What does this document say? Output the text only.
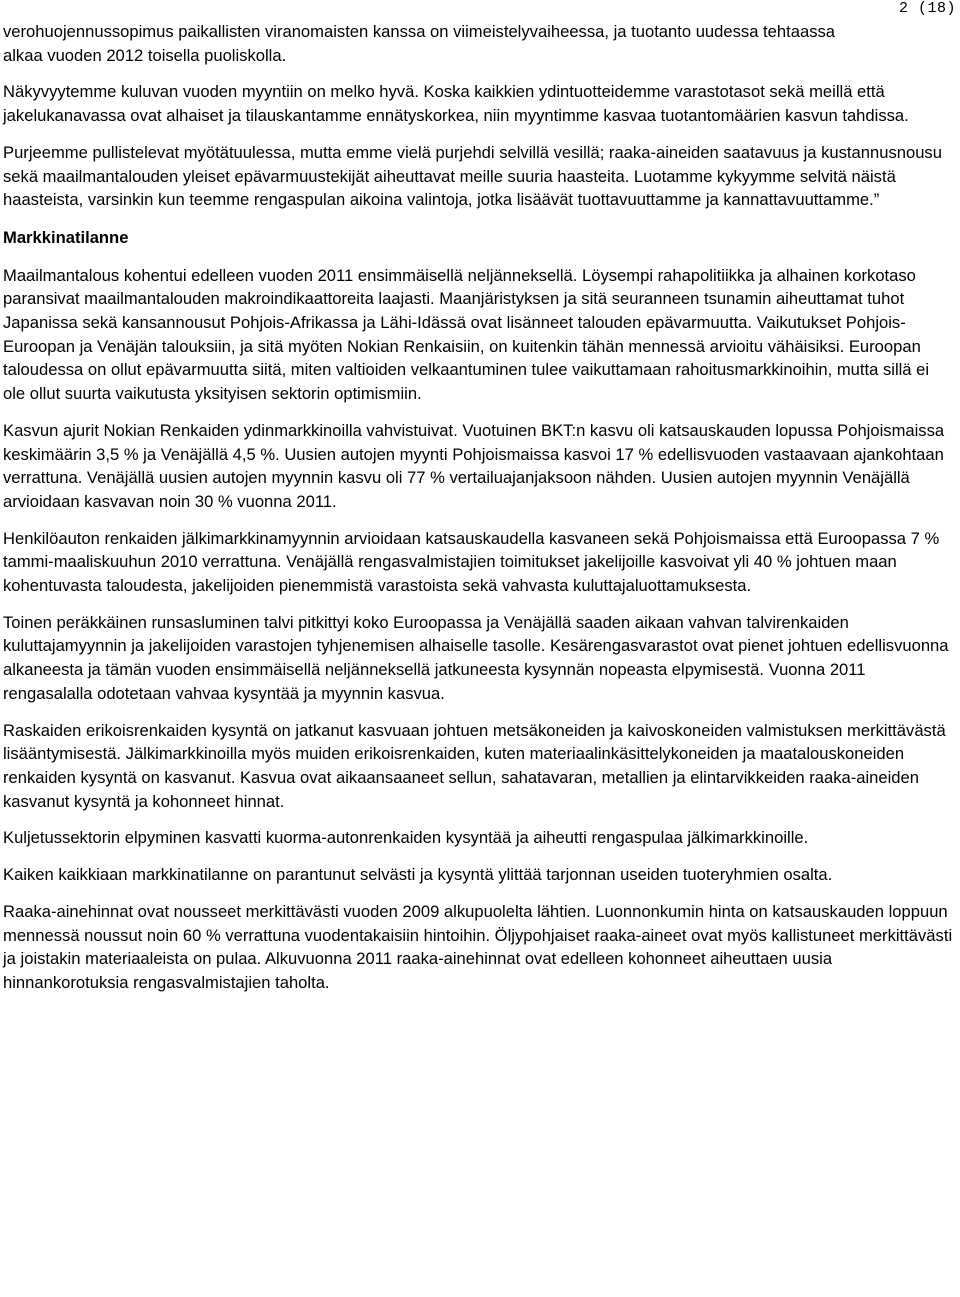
2 (18)

verohuojennussopimus paikallisten viranomaisten kanssa on viimeistelyvaiheessa, ja tuotanto uudessa tehtaassa alkaa vuoden 2012 toisella puoliskolla.

Näkyvyytemme kuluvan vuoden myyntiin on melko hyvä. Koska kaikkien ydintuotteidemme varastotasot sekä meillä että jakelukanavassa ovat alhaiset ja tilauskantamme ennätyskorkea, niin myyntimme kasvaa tuotantomäärien kasvun tahdissa.

Purjeemme pullistelevat myötätuulessa, mutta emme vielä purjehdi selvillä vesillä; raaka-aineiden saatavuus ja kustannusnousu sekä maailmantalouden yleiset epävarmuustekijät aiheuttavat meille suuria haasteita. Luotamme kykyymme selvitä näistä haasteista, varsinkin kun teemme rengaspulan aikoina valintoja, jotka lisäävät tuottavuuttamme ja kannattavuuttamme.”

Markkinatilanne

Maailmantalous kohentui edelleen vuoden 2011 ensimmäisellä neljänneksellä. Löysempi rahapolitiikka ja alhainen korkotaso paransivat maailmantalouden makroindikaattoreita laajasti. Maanjäristyksen ja sitä seuranneen tsunamin aiheuttamat tuhot Japanissa sekä kansannousut Pohjois-Afrikassa ja Lähi-Idässä ovat lisänneet talouden epävarmuutta. Vaikutukset Pohjois-Euroopan ja Venäjän talouksiin, ja sitä myöten Nokian Renkaisiin, on kuitenkin tähän mennessä arvioitu vähäisiksi. Euroopan taloudessa on ollut epävarmuutta siitä, miten valtioiden velkaantuminen tulee vaikuttamaan rahoitusmarkkinoihin, mutta sillä ei ole ollut suurta vaikutusta yksityisen sektorin optimismiin.

Kasvun ajurit Nokian Renkaiden ydinmarkkinoilla vahvistuivat. Vuotuinen BKT:n kasvu oli katsauskauden lopussa Pohjoismaissa keskimäärin 3,5 % ja Venäjällä 4,5 %. Uusien autojen myynti Pohjoismaissa kasvoi 17 % edellisvuoden vastaavaan ajankohtaan verrattuna. Venäjällä uusien autojen myynnin kasvu oli 77 % vertailuajanjaksoon nähden. Uusien autojen myynnin Venäjällä arvioidaan kasvavan noin 30 % vuonna 2011.

Henkilöauton renkaiden jälkimarkkinamyynnin arvioidaan katsauskaudella kasvaneen sekä Pohjoismaissa että Euroopassa 7 % tammi-maaliskuuhun 2010 verrattuna. Venäjällä rengasvalmistajien toimitukset jakelijoille kasvoivat yli 40 % johtuen maan kohentuvasta taloudesta, jakelijoiden pienemmistä varastoista sekä vahvasta kuluttajaluottamuksesta.

Toinen peräkkäinen runsasluminen talvi pitkittyi koko Euroopassa ja Venäjällä saaden aikaan vahvan talvirenkaiden kuluttajamyynnin ja jakelijoiden varastojen tyhjenemisen alhaiselle tasolle. Kesärengasvarastot ovat pienet johtuen edellisvuonna alkaneesta ja tämän vuoden ensimmäisellä neljänneksellä jatkuneesta kysynnän nopeasta elpymisestä. Vuonna 2011 rengasalalla odotetaan vahvaa kysyntää ja myynnin kasvua.

Raskaiden erikoisrenkaiden kysyntä on jatkanut kasvuaan johtuen metsäkoneiden ja kaivoskoneiden valmistuksen merkittävästä lisääntymisestä. Jälkimarkkinoilla myös muiden erikoisrenkaiden, kuten materiaalinkäsittelykoneiden ja maatalouskoneiden renkaiden kysyntä on kasvanut. Kasvua ovat aikaansaaneet sellun, sahatavaran, metallien ja elintarvikkeiden raaka-aineiden kasvanut kysyntä ja kohonneet hinnat.

Kuljetussektorin elpyminen kasvatti kuorma-autonrenkaiden kysyntää ja aiheutti rengaspulaa jälkimarkkinoille.

Kaiken kaikkiaan markkinatilanne on parantunut selvästi ja kysyntä ylittää tarjonnan useiden tuoteryhmien osalta.

Raaka-ainehinnat ovat nousseet merkittävästi vuoden 2009 alkupuolelta lähtien. Luonnonkumin hinta on katsauskauden loppuun mennessä noussut noin 60 % verrattuna vuodentakaisiin hintoihin. Öljypohjaiset raaka-aineet ovat myös kallistuneet merkittävästi ja joistakin materiaaleista on pulaa. Alkuvuonna 2011 raaka-ainehinnat ovat edelleen kohonneet aiheuttaen uusia hinnankorotuksia rengasvalmistajien taholta.
